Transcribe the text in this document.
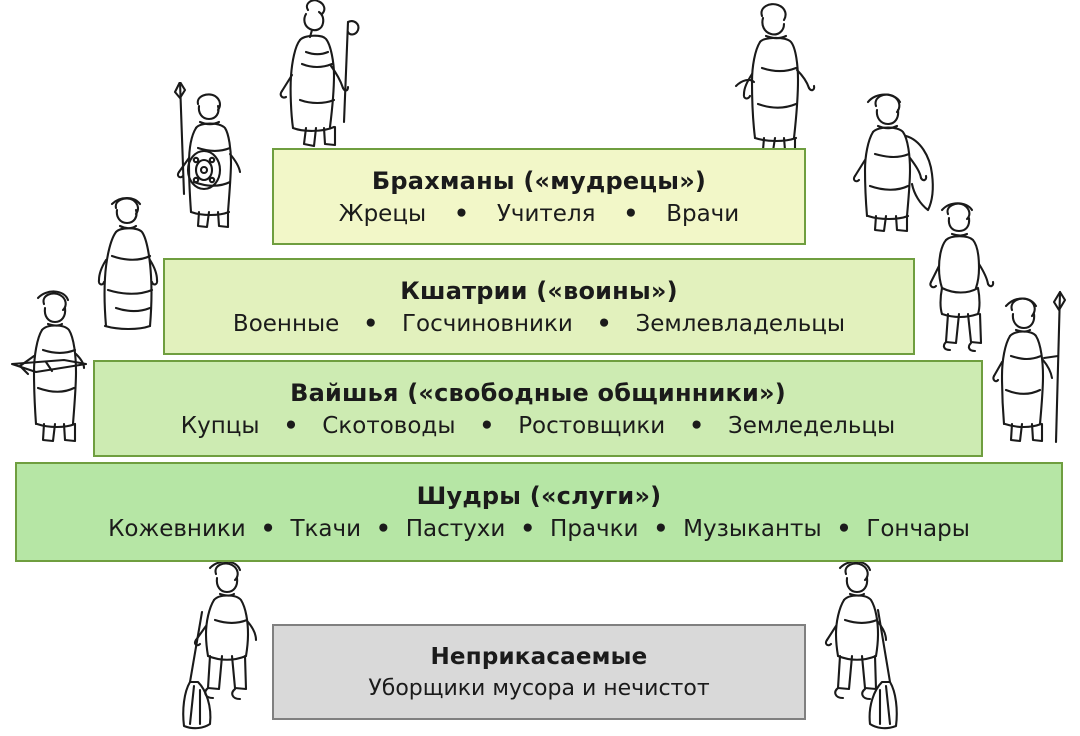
Брахманы («мудрецы»)
Жрецы	•	Учителя	•	Врачи
Кшатрии («воины»)
Военные	•	Госчиновники	•	Землевладельцы
Вайшья («свободные общинники»)
Купцы	•	Скотоводы	•	Ростовщики	•	Земледельцы
Шудры («слуги»)
Кожевники • Ткачи • Пастухи • Прачки • Музыканты • Гончары
Неприкасаемые
Уборщики мусора и нечистот
